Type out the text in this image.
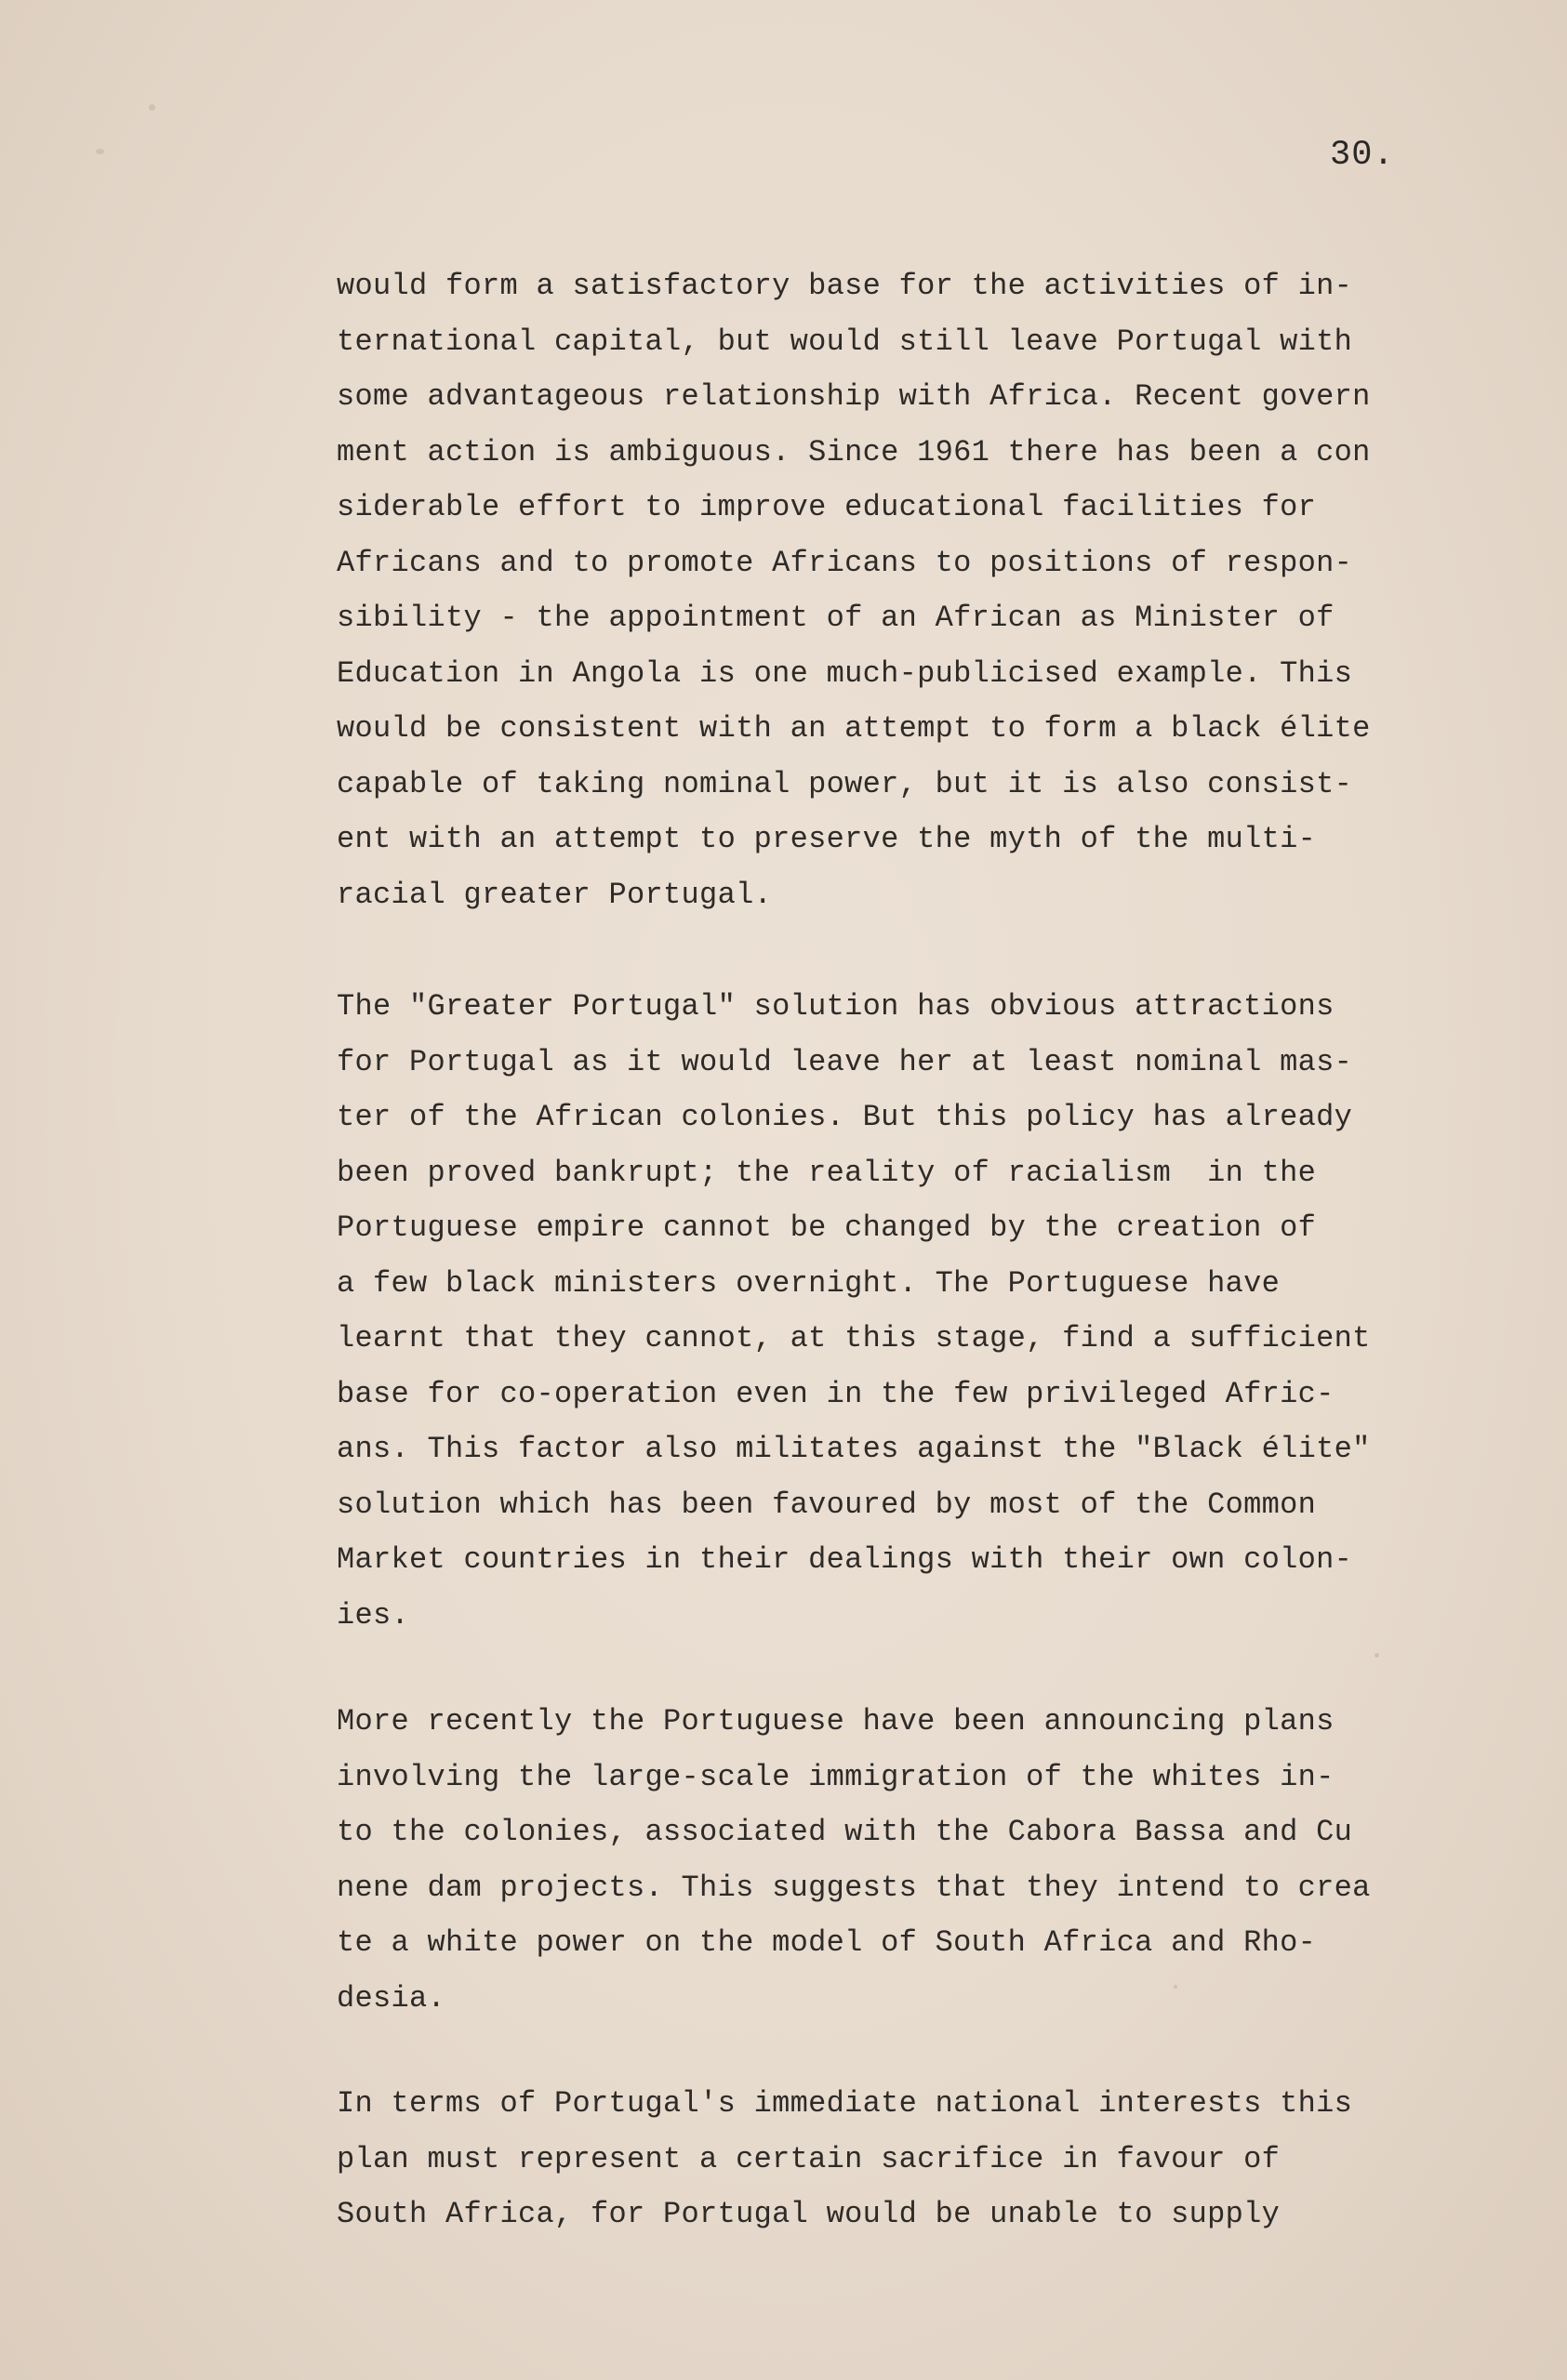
30.
would form a satisfactory base for the activities of in-
ternational capital, but would still leave Portugal with
some advantageous relationship with Africa. Recent govern
ment action is ambiguous. Since 1961 there has been a con
siderable effort to improve educational facilities for
Africans and to promote Africans to positions of respon-
sibility - the appointment of an African as Minister of
Education in Angola is one much-publicised example. This
would be consistent with an attempt to form a black élite
capable of taking nominal power, but it is also consist-
ent with an attempt to preserve the myth of the multi-
racial greater Portugal.
The "Greater Portugal" solution has obvious attractions
for Portugal as it would leave her at least nominal mas-
ter of the African colonies. But this policy has already
been proved bankrupt; the reality of racialism  in the
Portuguese empire cannot be changed by the creation of
a few black ministers overnight. The Portuguese have
learnt that they cannot, at this stage, find a sufficient
base for co-operation even in the few privileged Afric-
ans. This factor also militates against the "Black élite"
solution which has been favoured by most of the Common
Market countries in their dealings with their own colon-
ies.
More recently the Portuguese have been announcing plans
involving the large-scale immigration of the whites in-
to the colonies, associated with the Cabora Bassa and Cu
nene dam projects. This suggests that they intend to crea
te a white power on the model of South Africa and Rho-
desia.
In terms of Portugal's immediate national interests this
plan must represent a certain sacrifice in favour of
South Africa, for Portugal would be unable to supply
